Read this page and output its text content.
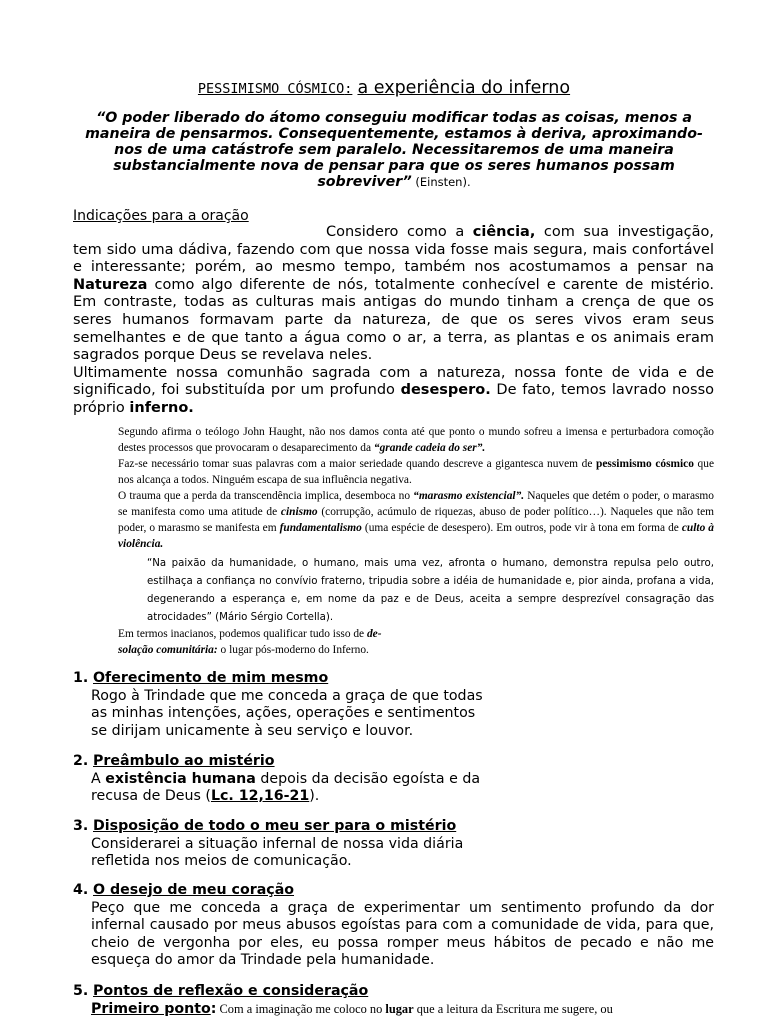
PESSIMISMO CÓSMICO: a experiência do inferno
“O poder liberado do átomo conseguiu modificar todas as coisas, menos a maneira de pensarmos. Consequentemente, estamos à deriva, aproximando-nos de uma catástrofe sem paralelo. Necessitaremos de uma maneira substancialmente nova de pensar para que os seres humanos possam sobreviver” (Einsten).
Indicações para a oração

Considero como a ciência, com sua investigação, tem sido uma dádiva, fazendo com que nossa vida fosse mais segura, mais confortável e interessante; porém, ao mesmo tempo, também nos acostumamos a pensar na Natureza como algo diferente de nós, totalmente conhecível e carente de mistério. Em contraste, todas as culturas mais antigas do mundo tinham a crença de que os seres humanos formavam parte da natureza, de que os seres vivos eram seus semelhantes e de que tanto a água como o ar, a terra, as plantas e os animais eram sagrados porque Deus se revelava neles.

Ultimamente nossa comunhão sagrada com a natureza, nossa fonte de vida e de significado, foi substituída por um profundo desespero. De fato, temos lavrado nosso próprio inferno.

Segundo afirma o teólogo John Haught, não nos damos conta até que ponto o mundo sofreu a imensa e perturbadora comoção destes processos que provocaram o desaparecimento da “grande cadeia do ser”.

Faz-se necessário tomar suas palavras com a maior seriedade quando descreve a gigantesca nuvem de pessimismo cósmico que nos alcança a todos. Ninguém escapa de sua influência negativa.

O trauma que a perda da transcendência implica, desemboca no “marasmo existencial”. Naqueles que detém o poder, o marasmo se manifesta como uma atitude de cinismo (corrupção, acúmulo de riquezas, abuso de poder político…). Naqueles que não tem poder, o marasmo se manifesta em fundamentalismo (uma espécie de desespero). Em outros, pode vir à tona em forma de culto à violência.

“Na paixão da humanidade, o humano, mais uma vez, afronta o humano, demonstra repulsa pelo outro, estilhaça a confiança no convívio fraterno, tripudia sobre a idéia de humanidade e, pior ainda, profana a vida, degenerando a esperança e, em nome da paz e de Deus, aceita a sempre desprezível consagração das atrocidades” (Mário Sérgio Cortella).
Em termos inacianos, podemos qualificar tudo isso de de-
solação comunitária: o lugar pós-moderno do Inferno.
1. Oferecimento de mim mesmo
Rogo à Trindade que me conceda a graça de que todas
as minhas intenções, ações, operações e sentimentos
se dirijam unicamente à seu serviço e louvor.
2. Preâmbulo ao mistério
A existência humana depois da decisão egoísta e da
recusa de Deus (Lc. 12,16-21).
3. Disposição de todo o meu ser para o mistério
Considerarei a situação infernal de nossa vida diária
refletida nos meios de comunicação.
4. O desejo de meu coração
Peço que me conceda a graça de experimentar um sentimento profundo da dor infernal causado por meus abusos egoístas para com a comunidade de vida, para que, cheio de vergonha por eles, eu possa romper meus hábitos de pecado e não me esqueça do amor da Trindade pela humanidade.
5. Pontos de reflexão e consideração
Primeiro ponto: Com a imaginação me coloco no lugar que a leitura da Escritura me sugere, ou
